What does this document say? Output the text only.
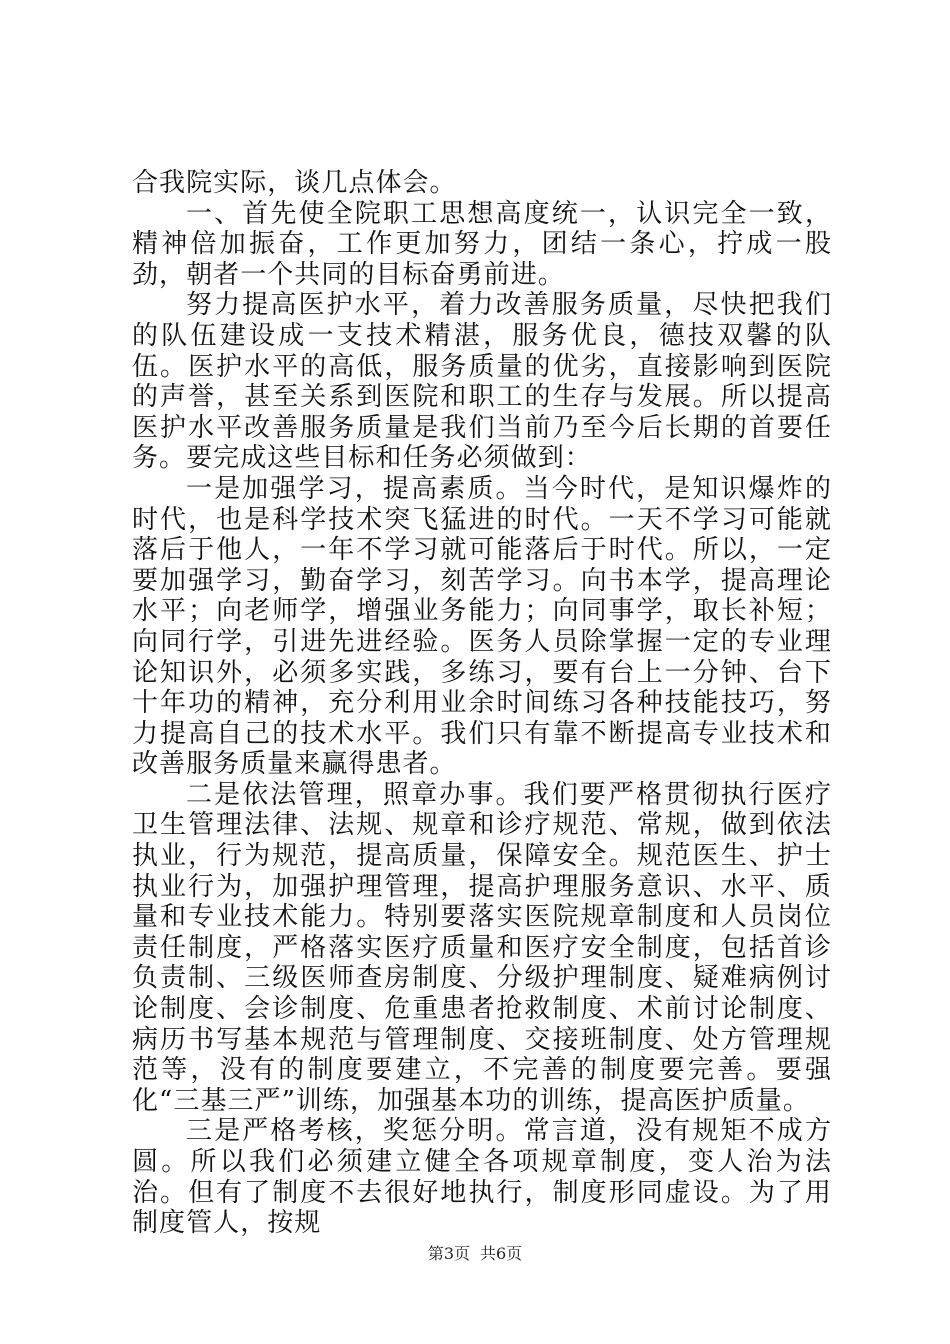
合我院实际，谈几点体会。

一、首先使全院职工思想高度统一，认识完全一致，精神倍加振奋，工作更加努力，团结一条心，拧成一股劲，朝者一个共同的目标奋勇前进。

努力提高医护水平，着力改善服务质量，尽快把我们的队伍建设成一支技术精湛，服务优良，德技双馨的队伍。医护水平的高低，服务质量的优劣，直接影响到医院的声誉，甚至关系到医院和职工的生存与发展。所以提高医护水平改善服务质量是我们当前乃至今后长期的首要任务。要完成这些目标和任务必须做到：

一是加强学习，提高素质。当今时代，是知识爆炸的时代，也是科学技术突飞猛进的时代。一天不学习可能就落后于他人，一年不学习就可能落后于时代。所以，一定要加强学习，勤奋学习，刻苦学习。向书本学，提高理论水平；向老师学，增强业务能力；向同事学，取长补短；向同行学，引进先进经验。医务人员除掌握一定的专业理论知识外，必须多实践，多练习，要有台上一分钟、台下十年功的精神，充分利用业余时间练习各种技能技巧，努力提高自己的技术水平。我们只有靠不断提高专业技术和改善服务质量来赢得患者。

二是依法管理，照章办事。我们要严格贯彻执行医疗卫生管理法律、法规、规章和诊疗规范、常规，做到依法执业，行为规范，提高质量，保障安全。规范医生、护士执业行为，加强护理管理，提高护理服务意识、水平、质量和专业技术能力。特别要落实医院规章制度和人员岗位责任制度，严格落实医疗质量和医疗安全制度，包括首诊负责制、三级医师查房制度、分级护理制度、疑难病例讨论制度、会诊制度、危重患者抢救制度、术前讨论制度、病历书写基本规范与管理制度、交接班制度、处方管理规范等，没有的制度要建立，不完善的制度要完善。要强化“三基三严”训练，加强基本功的训练，提高医护质量。

三是严格考核，奖惩分明。常言道，没有规矩不成方圆。所以我们必须建立健全各项规章制度，变人治为法治。但有了制度不去很好地执行，制度形同虚设。为了用制度管人，按规

第3页 共6页
